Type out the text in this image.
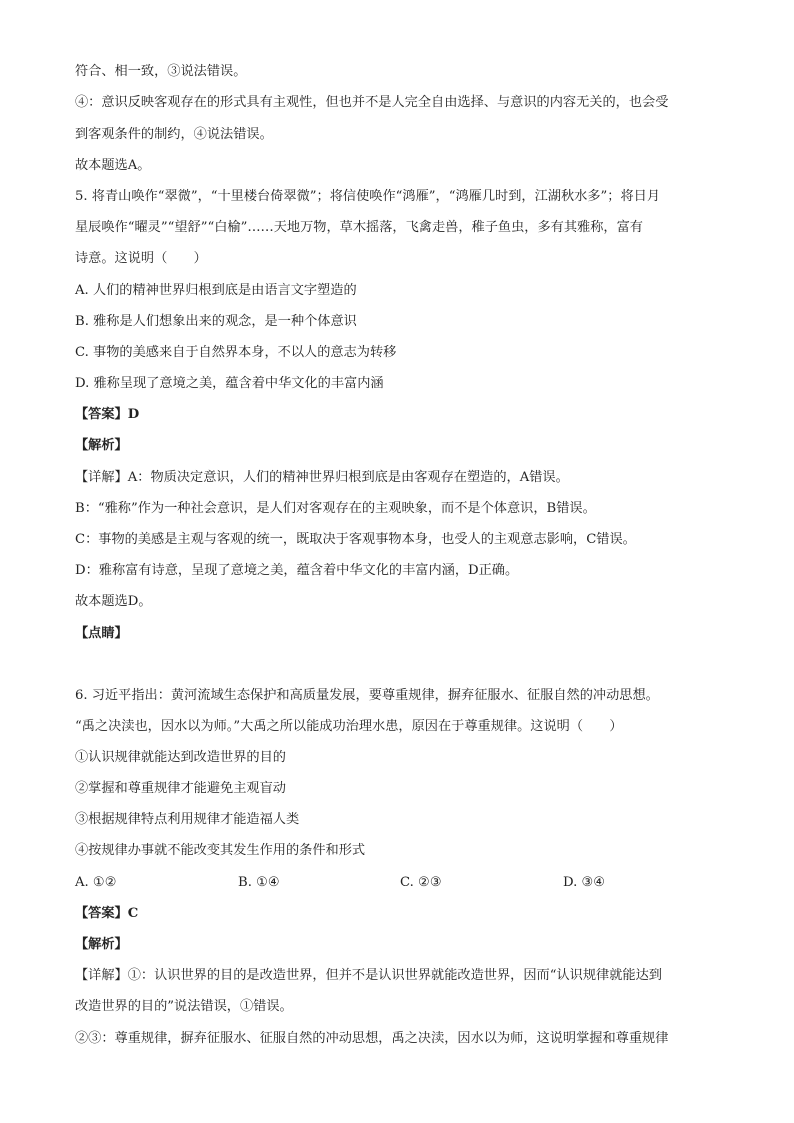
符合、相一致，③说法错误。
④：意识反映客观存在的形式具有主观性，但也并不是人完全自由选择、与意识的内容无关的，也会受
到客观条件的制约，④说法错误。
故本题选A。
5. 将青山唤作“翠微”，“十里楼台倚翠微”；将信使唤作“鸿雁”，“鸿雁几时到，江湖秋水多”；将日月
星辰唤作“曜灵”“望舒”“白榆”……天地万物，草木摇落，飞禽走兽，稚子鱼虫，多有其雅称，富有
诗意。这说明（　　）
A. 人们的精神世界归根到底是由语言文字塑造的
B. 雅称是人们想象出来的观念，是一种个体意识
C. 事物的美感来自于自然界本身，不以人的意志为转移
D. 雅称呈现了意境之美，蕴含着中华文化的丰富内涵
【答案】D
【解析】
【详解】A：物质决定意识，人们的精神世界归根到底是由客观存在塑造的，A错误。
B：“雅称”作为一种社会意识，是人们对客观存在的主观映象，而不是个体意识，B错误。
C：事物的美感是主观与客观的统一，既取决于客观事物本身，也受人的主观意志影响，C错误。
D：雅称富有诗意，呈现了意境之美，蕴含着中华文化的丰富内涵，D正确。
故本题选D。
【点睛】
6. 习近平指出：黄河流域生态保护和高质量发展，要尊重规律，摒弃征服水、征服自然的冲动思想。
“禹之决渎也，因水以为师。”大禹之所以能成功治理水患，原因在于尊重规律。这说明（　　）
①认识规律就能达到改造世界的目的
②掌握和尊重规律才能避免主观盲动
③根据规律特点利用规律才能造福人类
④按规律办事就不能改变其发生作用的条件和形式
A. ①②	B. ①④	C. ②③	D. ③④
【答案】C
【解析】
【详解】①：认识世界的目的是改造世界，但并不是认识世界就能改造世界，因而“认识规律就能达到
改造世界的目的”说法错误，①错误。
②③：尊重规律，摒弃征服水、征服自然的冲动思想，禹之决渎，因水以为师，这说明掌握和尊重规律
